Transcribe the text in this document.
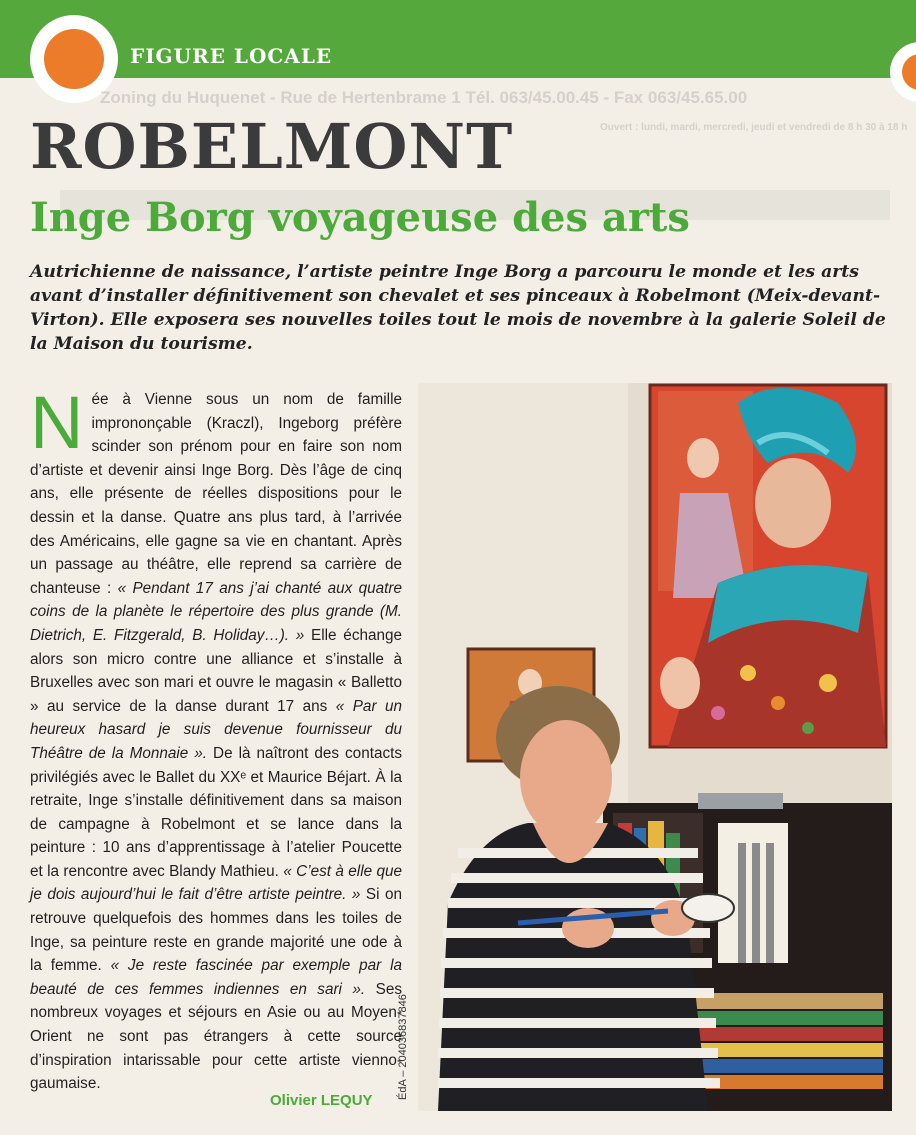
FIGURE LOCALE
Zoning du Huquenet - Rue de Hertenbrame 1 Tél. 063/45.00.45 - Fax 063/45.65.00
Ouvert : lundi, mardi, mercredi, jeudi et vendredi de 8 h 30 à 18 h
ROBELMONT
Inge Borg voyageuse des arts

Autrichienne de naissance, l’artiste peintre Inge Borg a parcouru le monde et les arts avant d’installer définitivement son chevalet et ses pinceaux à Robelmont (Meix-devant-Virton). Elle exposera ses nouvelles toiles tout le mois de novembre à la galerie Soleil de la Maison du tourisme.

Née à Vienne sous un nom de famille imprononçable (Kraczl), Ingeborg préfère scinder son prénom pour en faire son nom d’artiste et devenir ainsi Inge Borg. Dès l’âge de cinq ans, elle présente de réelles dispositions pour le dessin et la danse. Quatre ans plus tard, à l’arrivée des Américains, elle gagne sa vie en chantant. Après un passage au théâtre, elle reprend sa carrière de chanteuse : « Pendant 17 ans j’ai chanté aux quatre coins de la planète le répertoire des plus grande (M. Dietrich, E. Fitzgerald, B. Holiday…). » Elle échange alors son micro contre une alliance et s’installe à Bruxelles avec son mari et ouvre le magasin « Balletto » au service de la danse durant 17 ans « Par un heureux hasard je suis devenue fournisseur du Théâtre de la Monnaie ». De là naîtront des contacts privilégiés avec le Ballet du XXᵉ et Maurice Béjart. À la retraite, Inge s’installe définitivement dans sa maison de campagne à Robelmont et se lance dans la peinture : 10 ans d’apprentissage à l’atelier Poucette et la rencontre avec Blandy Mathieu. « C’est à elle que je dois aujourd’hui le fait d’être artiste peintre. » Si on retrouve quelquefois des hommes dans les toiles de Inge, sa peinture reste en grande majorité une ode à la femme. « Je reste fascinée par exemple par la beauté de ces femmes indiennes en sari ». Ses nombreux voyages et séjours en Asie ou au Moyen-Orient ne sont pas étrangers à cette source d’inspiration intarissable pour cette artiste vienno-gaumaise.
Olivier LEQUY
ÉdA – 204036837846
